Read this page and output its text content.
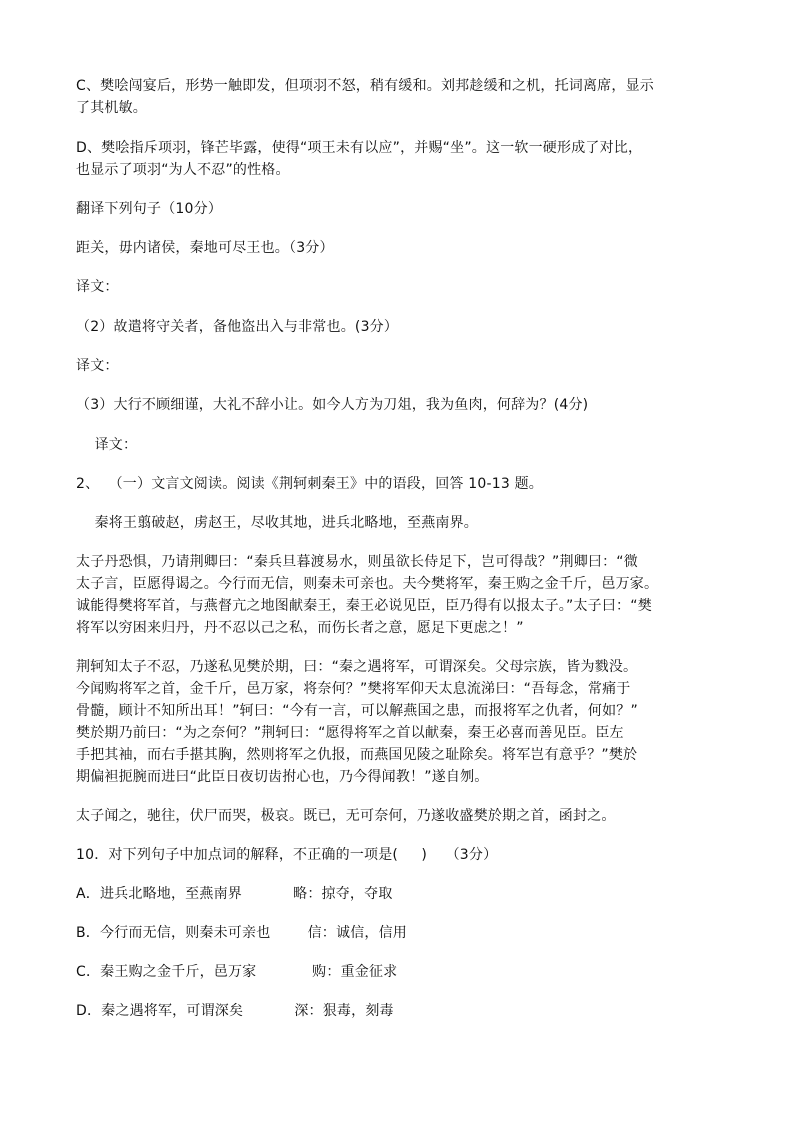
C、樊哙闯宴后，形势一触即发，但项羽不怒，稍有缓和。刘邦趁缓和之机，托词离席，显示
了其机敏。
D、樊哙指斥项羽，锋芒毕露，使得“项王未有以应”，并赐“坐”。这一软一硬形成了对比，
也显示了项羽“为人不忍”的性格。
翻译下列句子（10分）
距关，毋内诸侯，秦地可尽王也。（3分）
译文：
（2）故遣将守关者，备他盗出入与非常也。(3分）
译文：
（3）大行不顾细谨，大礼不辞小让。如今人方为刀俎，我为鱼肉，何辞为？(4分)
译文：
2、  （一）文言文阅读。阅读《荆轲刺秦王》中的语段，回答 10-13 题。
秦将王翦破赵，虏赵王，尽收其地，进兵北略地，至燕南界。
太子丹恐惧，乃请荆卿曰：“秦兵旦暮渡易水，则虽欲长侍足下，岂可得哉？”荆卿曰：“微
太子言，臣愿得谒之。今行而无信，则秦未可亲也。夫今樊将军，秦王购之金千斤，邑万家。
诚能得樊将军首，与燕督亢之地图献秦王，秦王必说见臣，臣乃得有以报太子。”太子曰：“樊
将军以穷困来归丹，丹不忍以己之私，而伤长者之意，愿足下更虑之！”
荆轲知太子不忍，乃遂私见樊於期，曰：“秦之遇将军，可谓深矣。父母宗族，皆为戮没。
今闻购将军之首，金千斤，邑万家，将奈何？”樊将军仰天太息流涕曰：“吾每念，常痛于
骨髓，顾计不知所出耳！”轲曰：“今有一言，可以解燕国之患，而报将军之仇者，何如？”
樊於期乃前曰：“为之奈何？”荆轲曰：“愿得将军之首以献秦，秦王必喜而善见臣。臣左
手把其袖，而右手揕其胸，然则将军之仇报，而燕国见陵之耻除矣。将军岂有意乎？”樊於
期偏袒扼腕而进曰“此臣日夜切齿拊心也，乃今得闻教！”遂自刎。
太子闻之，驰往，伏尸而哭，极哀。既已，无可奈何，乃遂收盛樊於期之首，函封之。
10．对下列句子中加点词的解释，不正确的一项是(     )    （3分）
A．进兵北略地，至燕南界           略：掠夺，夺取
B．今行而无信，则秦未可亲也        信：诚信，信用
C．秦王购之金千斤，邑万家            购：重金征求
D．秦之遇将军，可谓深矣           深：狠毒，刻毒
